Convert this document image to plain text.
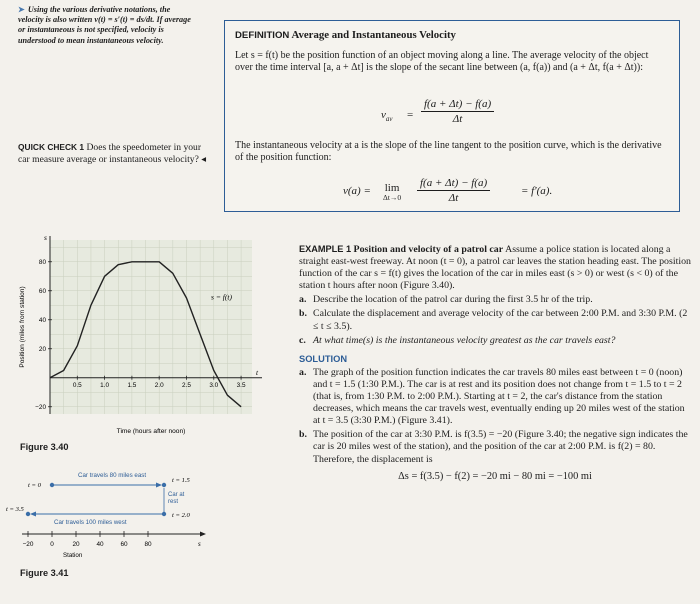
➤ Using the various derivative notations, the velocity is also written v(t) = s′(t) = ds/dt. If average or instantaneous is not specified, velocity is understood to mean instantaneous velocity.
QUICK CHECK 1 Does the speedometer in your car measure average or instantaneous velocity? ◂
DEFINITION Average and Instantaneous Velocity
Let s = f(t) be the position function of an object moving along a line. The average velocity of the object over the time interval [a, a + Δt] is the slope of the secant line between (a, f(a)) and (a + Δt, f(a + Δt)):
$v_{av} = \frac{f(a + \Delta t) - f(a)}{\Delta t}$
The instantaneous velocity at a is the slope of the line tangent to the position curve, which is the derivative of the position function:
v(a) = lim
$\Delta t\to 0 \frac{f(a + \Delta t) - f(a)}{\Delta t}$	= f′(a).
0.5	1.0	1.5	2.0	2.5	3.0	3.5
80
60
40
20
−20
s = f(t)
s
t
Time (hours after noon)
Position (miles from station)
Figure 3.40
Car travels 80 miles east
t = 0
t = 1.5
Car at
rest
t = 2.0
t = 3.5
Car travels 100 miles west
s
−20	0	20	40	60	80
Station
Figure 3.41

EXAMPLE 1 Position and velocity of a patrol car Assume a police station is located along a straight east-west freeway. At noon (t = 0), a patrol car leaves the station heading east. The position function of the car s = f(t) gives the location of the car in miles east (s > 0) or west (s < 0) of the station t hours after noon (Figure 3.40).

a. Describe the location of the patrol car during the first 3.5 hr of the trip.
b. Calculate the displacement and average velocity of the car between 2:00 P.M. and 3:30 P.M. (2 ≤ t ≤ 3.5).
c. At what time(s) is the instantaneous velocity greatest as the car travels east?
SOLUTION
a. The graph of the position function indicates the car travels 80 miles east between t = 0 (noon) and t = 1.5 (1:30 P.M.). The car is at rest and its position does not change from t = 1.5 to t = 2 (that is, from 1:30 P.M. to 2:00 P.M.). Starting at t = 2, the car's distance from the station decreases, which means the car travels west, eventually ending up 20 miles west of the station at t = 3.5 (3:30 P.M.) (Figure 3.41).
b. The position of the car at 3:30 P.M. is f(3.5) = −20 (Figure 3.40; the negative sign indicates the car is 20 miles west of the station), and the position of the car at 2:00 P.M. is f(2) = 80. Therefore, the displacement is
Δs = f(3.5) − f(2) = −20 mi − 80 mi = −100 mi
